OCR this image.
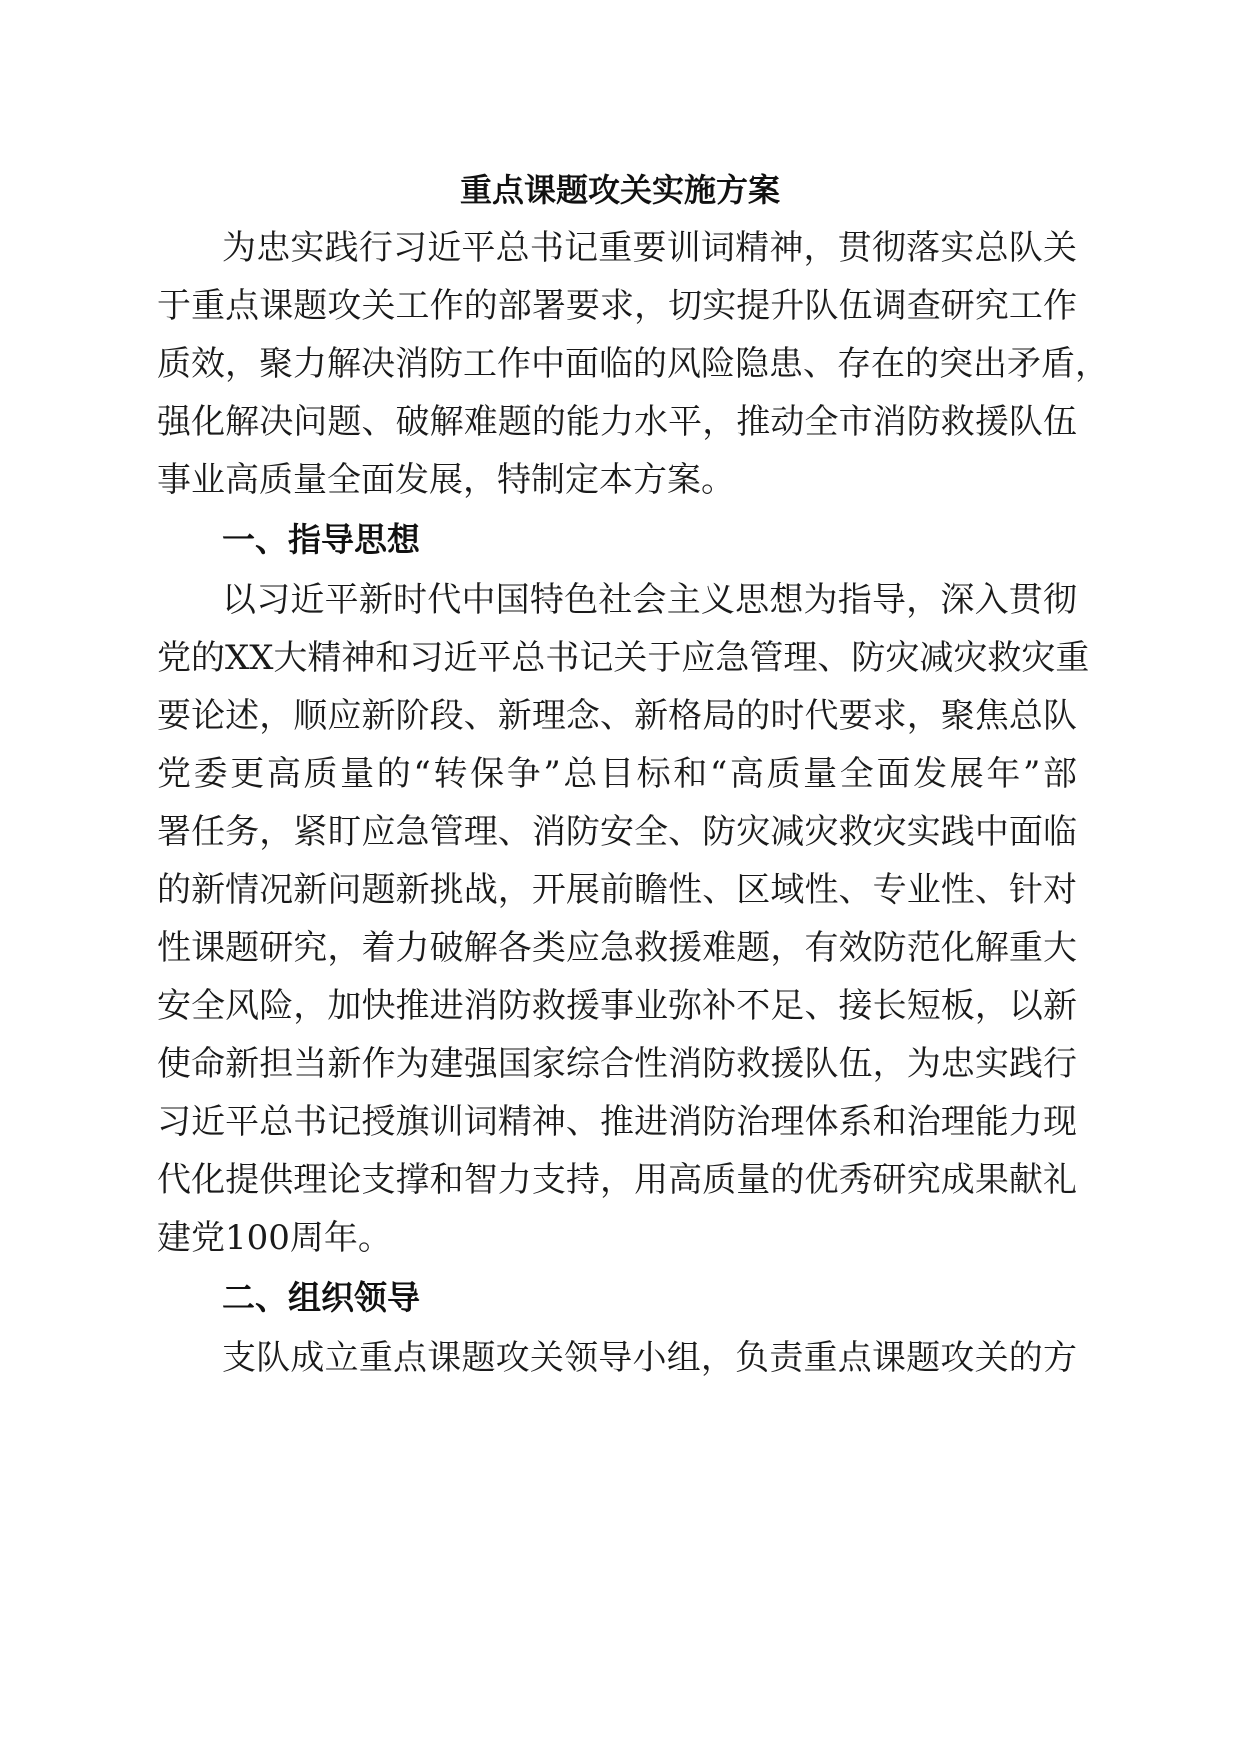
重点课题攻关实施方案
为忠实践行习近平总书记重要训词精神，贯彻落实总队关
于重点课题攻关工作的部署要求，切实提升队伍调查研究工作
质效，聚力解决消防工作中面临的风险隐患、存在的突出矛盾，
强化解决问题、破解难题的能力水平，推动全市消防救援队伍
事业高质量全面发展，特制定本方案。
一、指导思想
以习近平新时代中国特色社会主义思想为指导，深入贯彻
党的XX大精神和习近平总书记关于应急管理、防灾减灾救灾重
要论述，顺应新阶段、新理念、新格局的时代要求，聚焦总队
党委更高质量的“转保争”总目标和“高质量全面发展年”部
署任务，紧盯应急管理、消防安全、防灾减灾救灾实践中面临
的新情况新问题新挑战，开展前瞻性、区域性、专业性、针对
性课题研究，着力破解各类应急救援难题，有效防范化解重大
安全风险，加快推进消防救援事业弥补不足、接长短板，以新
使命新担当新作为建强国家综合性消防救援队伍，为忠实践行
习近平总书记授旗训词精神、推进消防治理体系和治理能力现
代化提供理论支撑和智力支持，用高质量的优秀研究成果献礼
建党100周年。
二、组织领导
支队成立重点课题攻关领导小组，负责重点课题攻关的方
